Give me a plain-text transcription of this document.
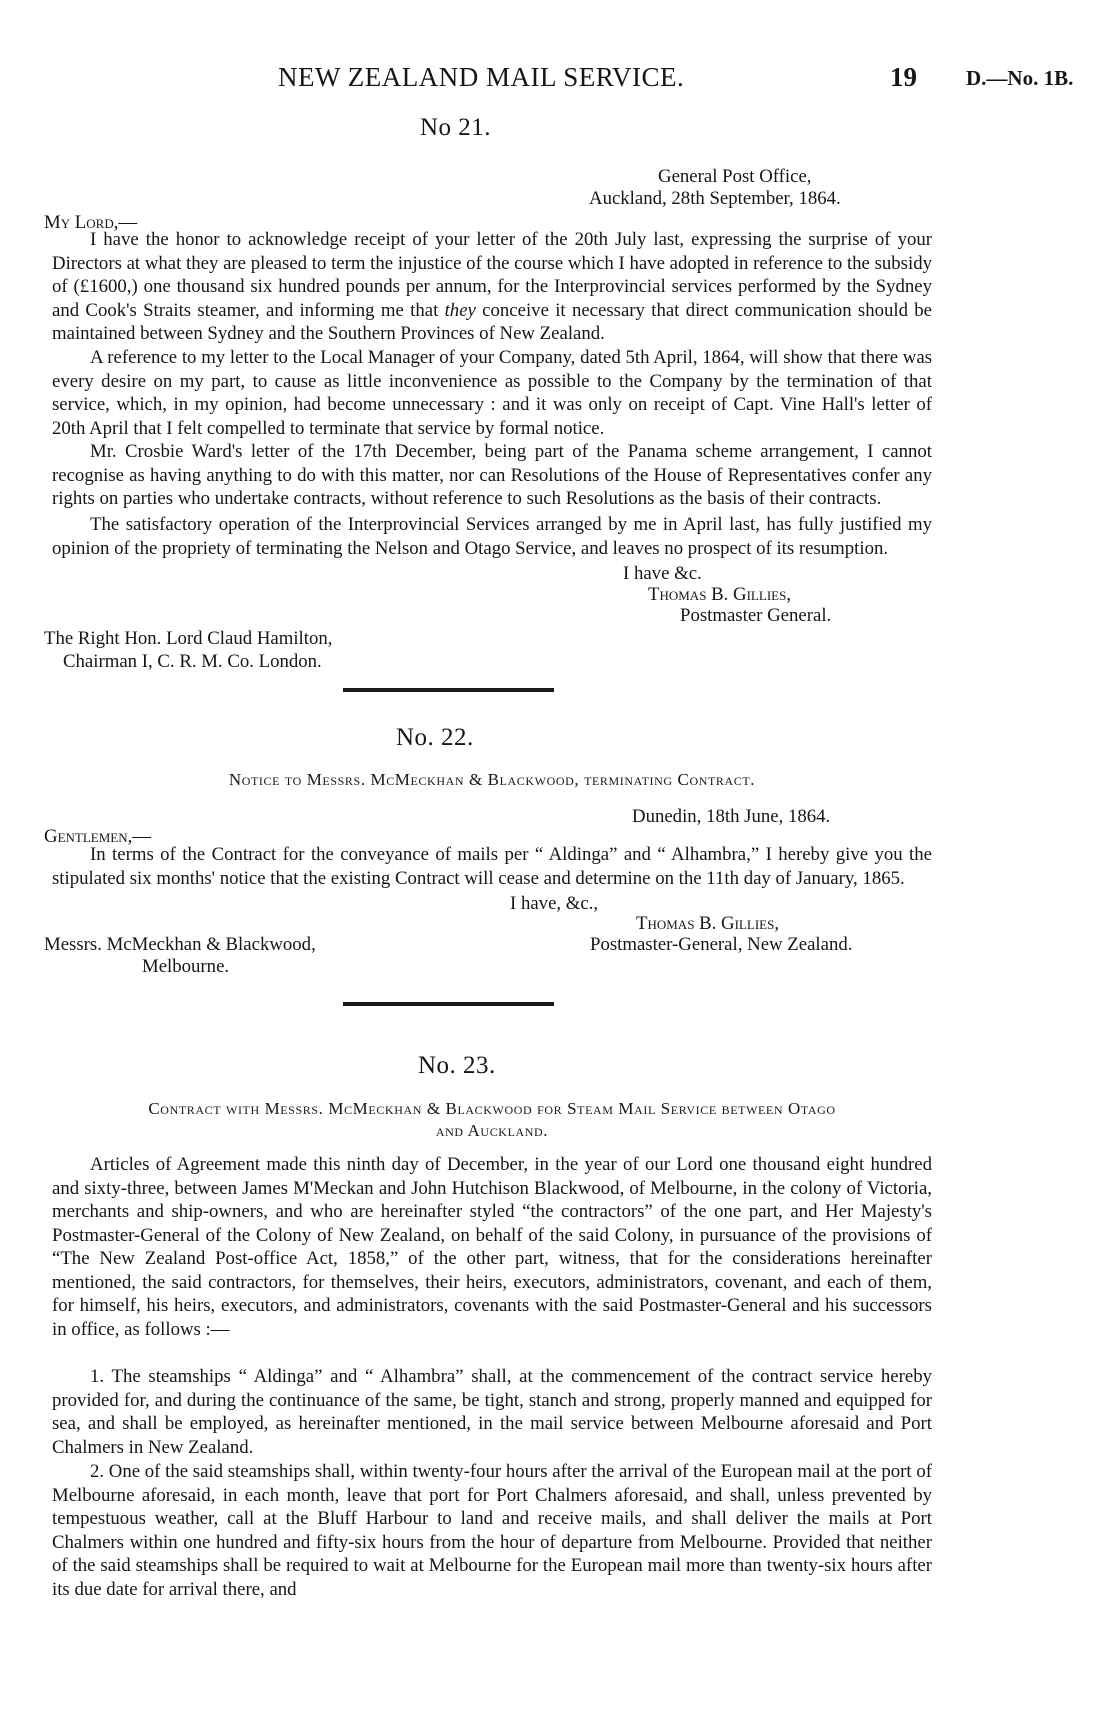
NEW ZEALAND MAIL SERVICE.	19 D.—No. 1B.
No 21.
General Post Office,
Auckland, 28th September, 1864.
My Lord,—

I have the honor to acknowledge receipt of your letter of the 20th July last, expressing the surprise of your Directors at what they are pleased to term the injustice of the course which I have adopted in reference to the subsidy of (£1600,) one thousand six hundred pounds per annum, for the Interprovincial services performed by the Sydney and Cook's Straits steamer, and informing me that they conceive it necessary that direct communication should be maintained between Sydney and the Southern Provinces of New Zealand.

A reference to my letter to the Local Manager of your Company, dated 5th April, 1864, will show that there was every desire on my part, to cause as little inconvenience as possible to the Company by the termination of that service, which, in my opinion, had become unnecessary : and it was only on receipt of Capt. Vine Hall's letter of 20th April that I felt compelled to terminate that service by formal notice.

Mr. Crosbie Ward's letter of the 17th December, being part of the Panama scheme arrangement, I cannot recognise as having anything to do with this matter, nor can Resolutions of the House of Representatives confer any rights on parties who undertake contracts, without reference to such Resolutions as the basis of their contracts.

The satisfactory operation of the Interprovincial Services arranged by me in April last, has fully justified my opinion of the propriety of terminating the Nelson and Otago Service, and leaves no prospect of its resumption.

I have &c.
Thomas B. Gillies,
Postmaster General.
The Right Hon. Lord Claud Hamilton,
Chairman I, C. R. M. Co. London.
No. 22.
Notice to Messrs. McMeckhan & Blackwood, terminating Contract.
Dunedin, 18th June, 1864.
Gentlemen,—

In terms of the Contract for the conveyance of mails per “ Aldinga” and “ Alhambra,” I hereby give you the stipulated six months' notice that the existing Contract will cease and determine on the 11th day of January, 1865.

I have, &c.,
Thomas B. Gillies,
Messrs. McMeckhan & Blackwood,	Postmaster-General, New Zealand.
Melbourne.
No. 23.
Contract with Messrs. McMeckhan & Blackwood for Steam Mail Service between Otago
and Auckland.

Articles of Agreement made this ninth day of December, in the year of our Lord one thousand eight hundred and sixty-three, between James M'Meckan and John Hutchison Blackwood, of Melbourne, in the colony of Victoria, merchants and ship-owners, and who are hereinafter styled “the contractors” of the one part, and Her Majesty's Postmaster-General of the Colony of New Zealand, on behalf of the said Colony, in pursuance of the provisions of “The New Zealand Post-office Act, 1858,” of the other part, witness, that for the considerations hereinafter mentioned, the said contractors, for themselves, their heirs, executors, administrators, covenant, and each of them, for himself, his heirs, executors, and administrators, covenants with the said Postmaster-General and his successors in office, as follows :—

1. The steamships “ Aldinga” and “ Alhambra” shall, at the commencement of the contract service hereby provided for, and during the continuance of the same, be tight, stanch and strong, properly manned and equipped for sea, and shall be employed, as hereinafter mentioned, in the mail service between Melbourne aforesaid and Port Chalmers in New Zealand.

2. One of the said steamships shall, within twenty-four hours after the arrival of the European mail at the port of Melbourne aforesaid, in each month, leave that port for Port Chalmers aforesaid, and shall, unless prevented by tempestuous weather, call at the Bluff Harbour to land and receive mails, and shall deliver the mails at Port Chalmers within one hundred and fifty-six hours from the hour of departure from Melbourne. Provided that neither of the said steamships shall be required to wait at Melbourne for the European mail more than twenty-six hours after its due date for arrival there, and
